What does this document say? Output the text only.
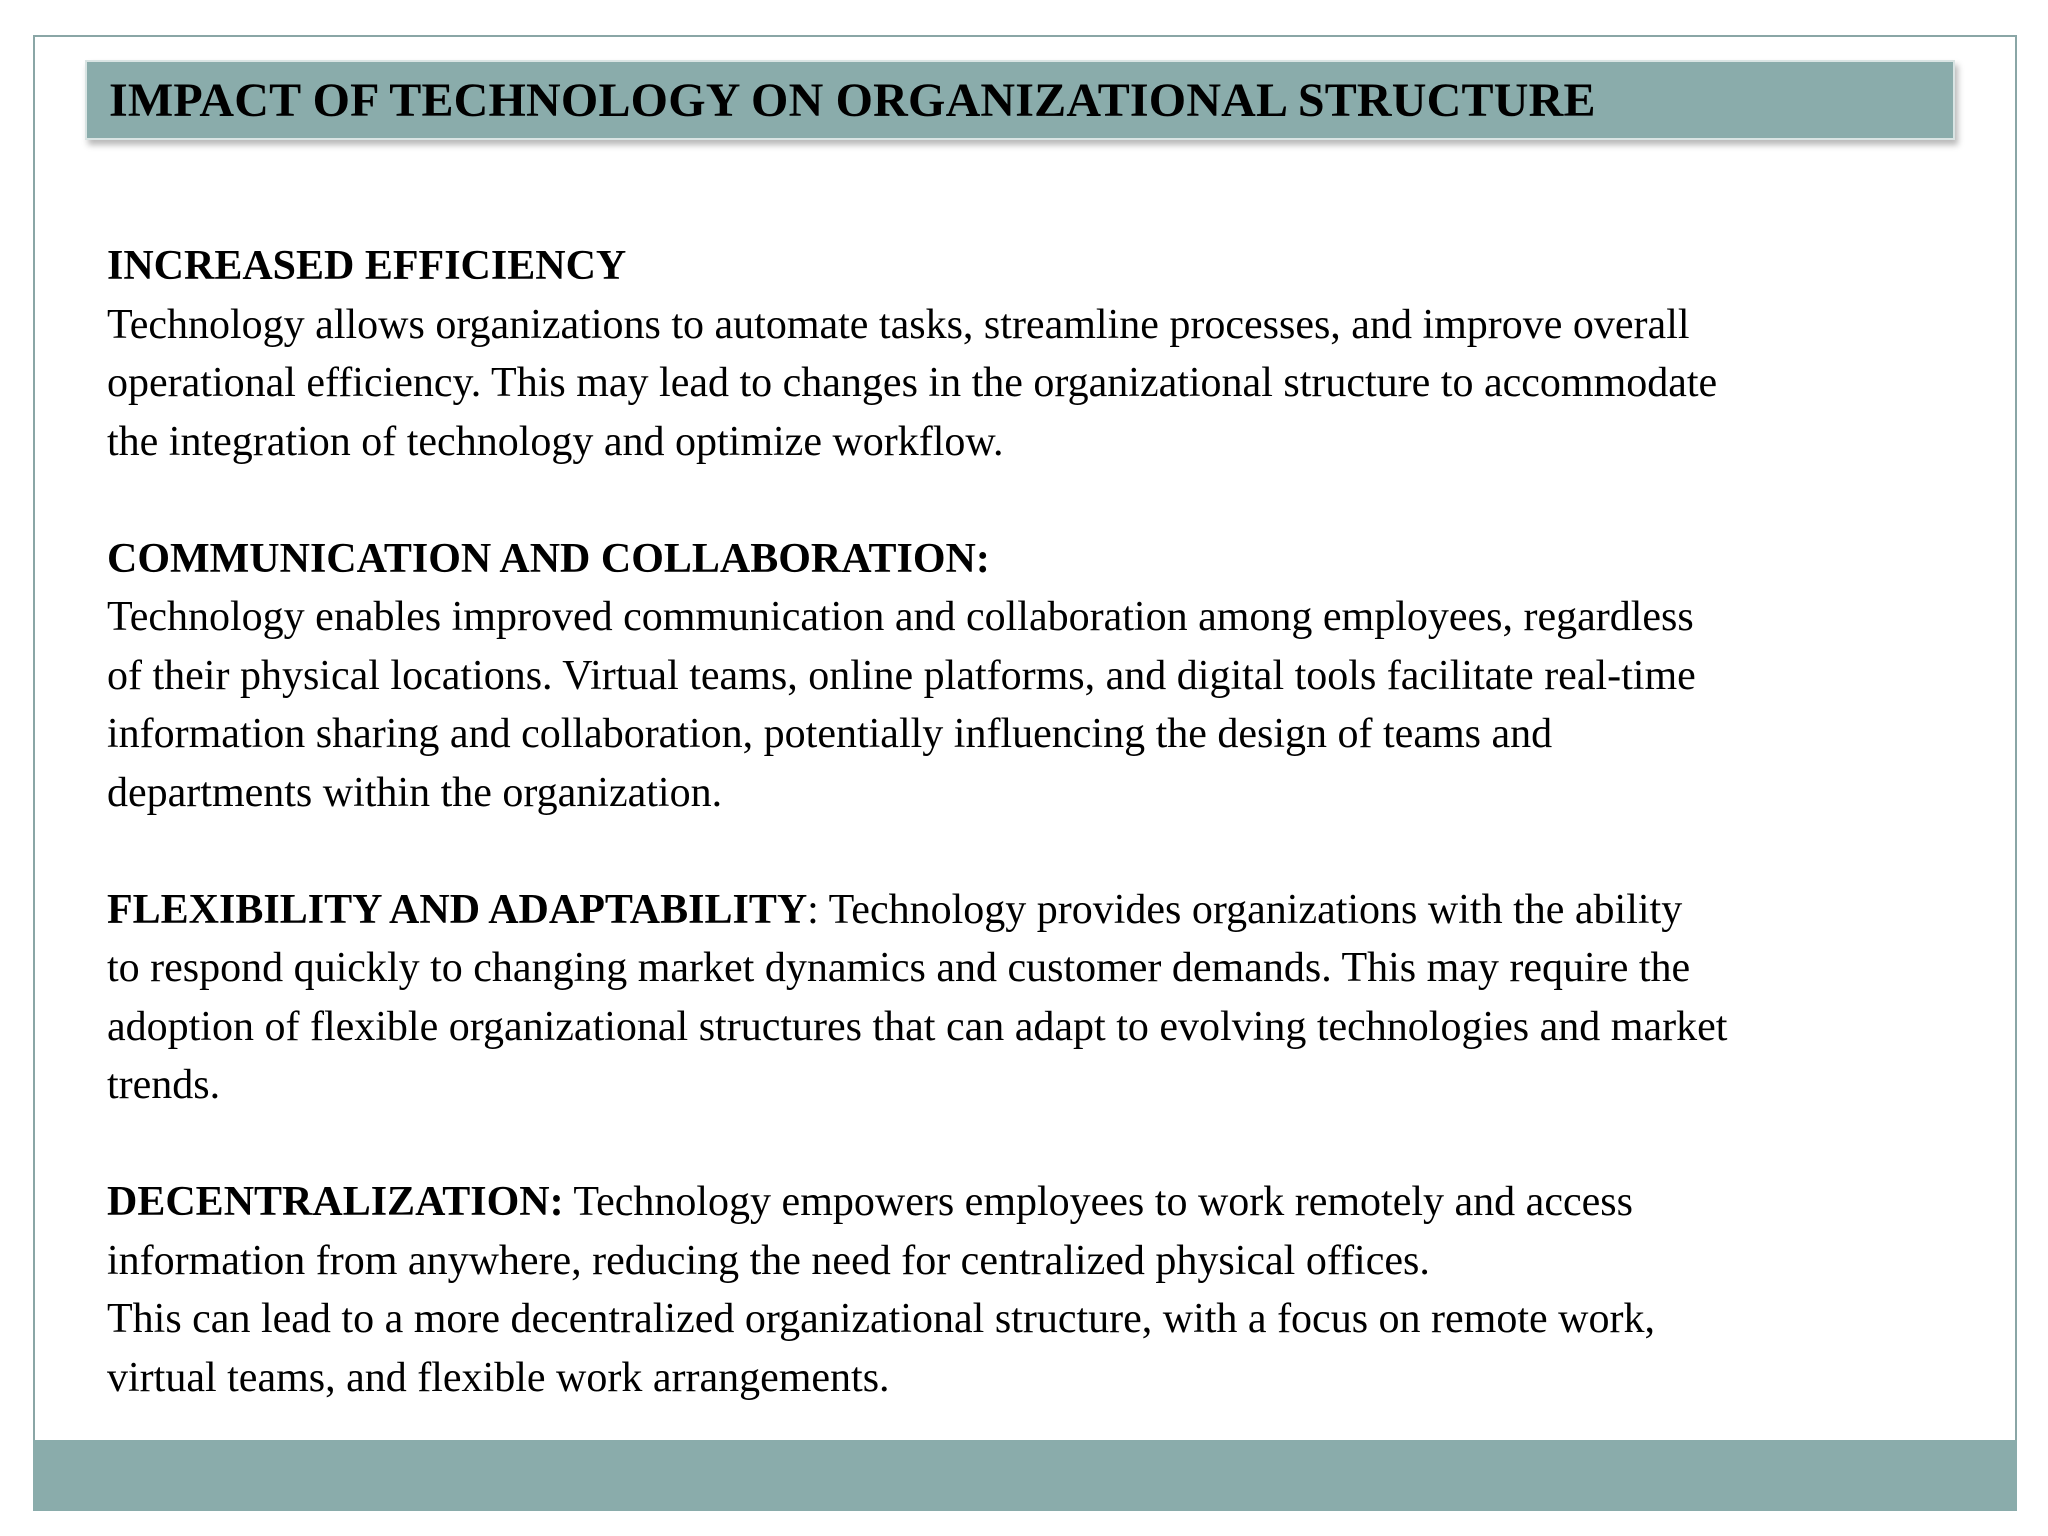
IMPACT OF TECHNOLOGY ON ORGANIZATIONAL STRUCTURE
INCREASED EFFICIENCY
Technology allows organizations to automate tasks, streamline processes, and improve overall
operational efficiency. This may lead to changes in the organizational structure to accommodate
the integration of technology and optimize workflow.
COMMUNICATION AND COLLABORATION:
Technology enables improved communication and collaboration among employees, regardless
of their physical locations. Virtual teams, online platforms, and digital tools facilitate real-time
information sharing and collaboration, potentially influencing the design of teams and
departments within the organization.
FLEXIBILITY AND ADAPTABILITY: Technology provides organizations with the ability
to respond quickly to changing market dynamics and customer demands. This may require the
adoption of flexible organizational structures that can adapt to evolving technologies and market
trends.
DECENTRALIZATION: Technology empowers employees to work remotely and access
information from anywhere, reducing the need for centralized physical offices.
This can lead to a more decentralized organizational structure, with a focus on remote work,
virtual teams, and flexible work arrangements.
